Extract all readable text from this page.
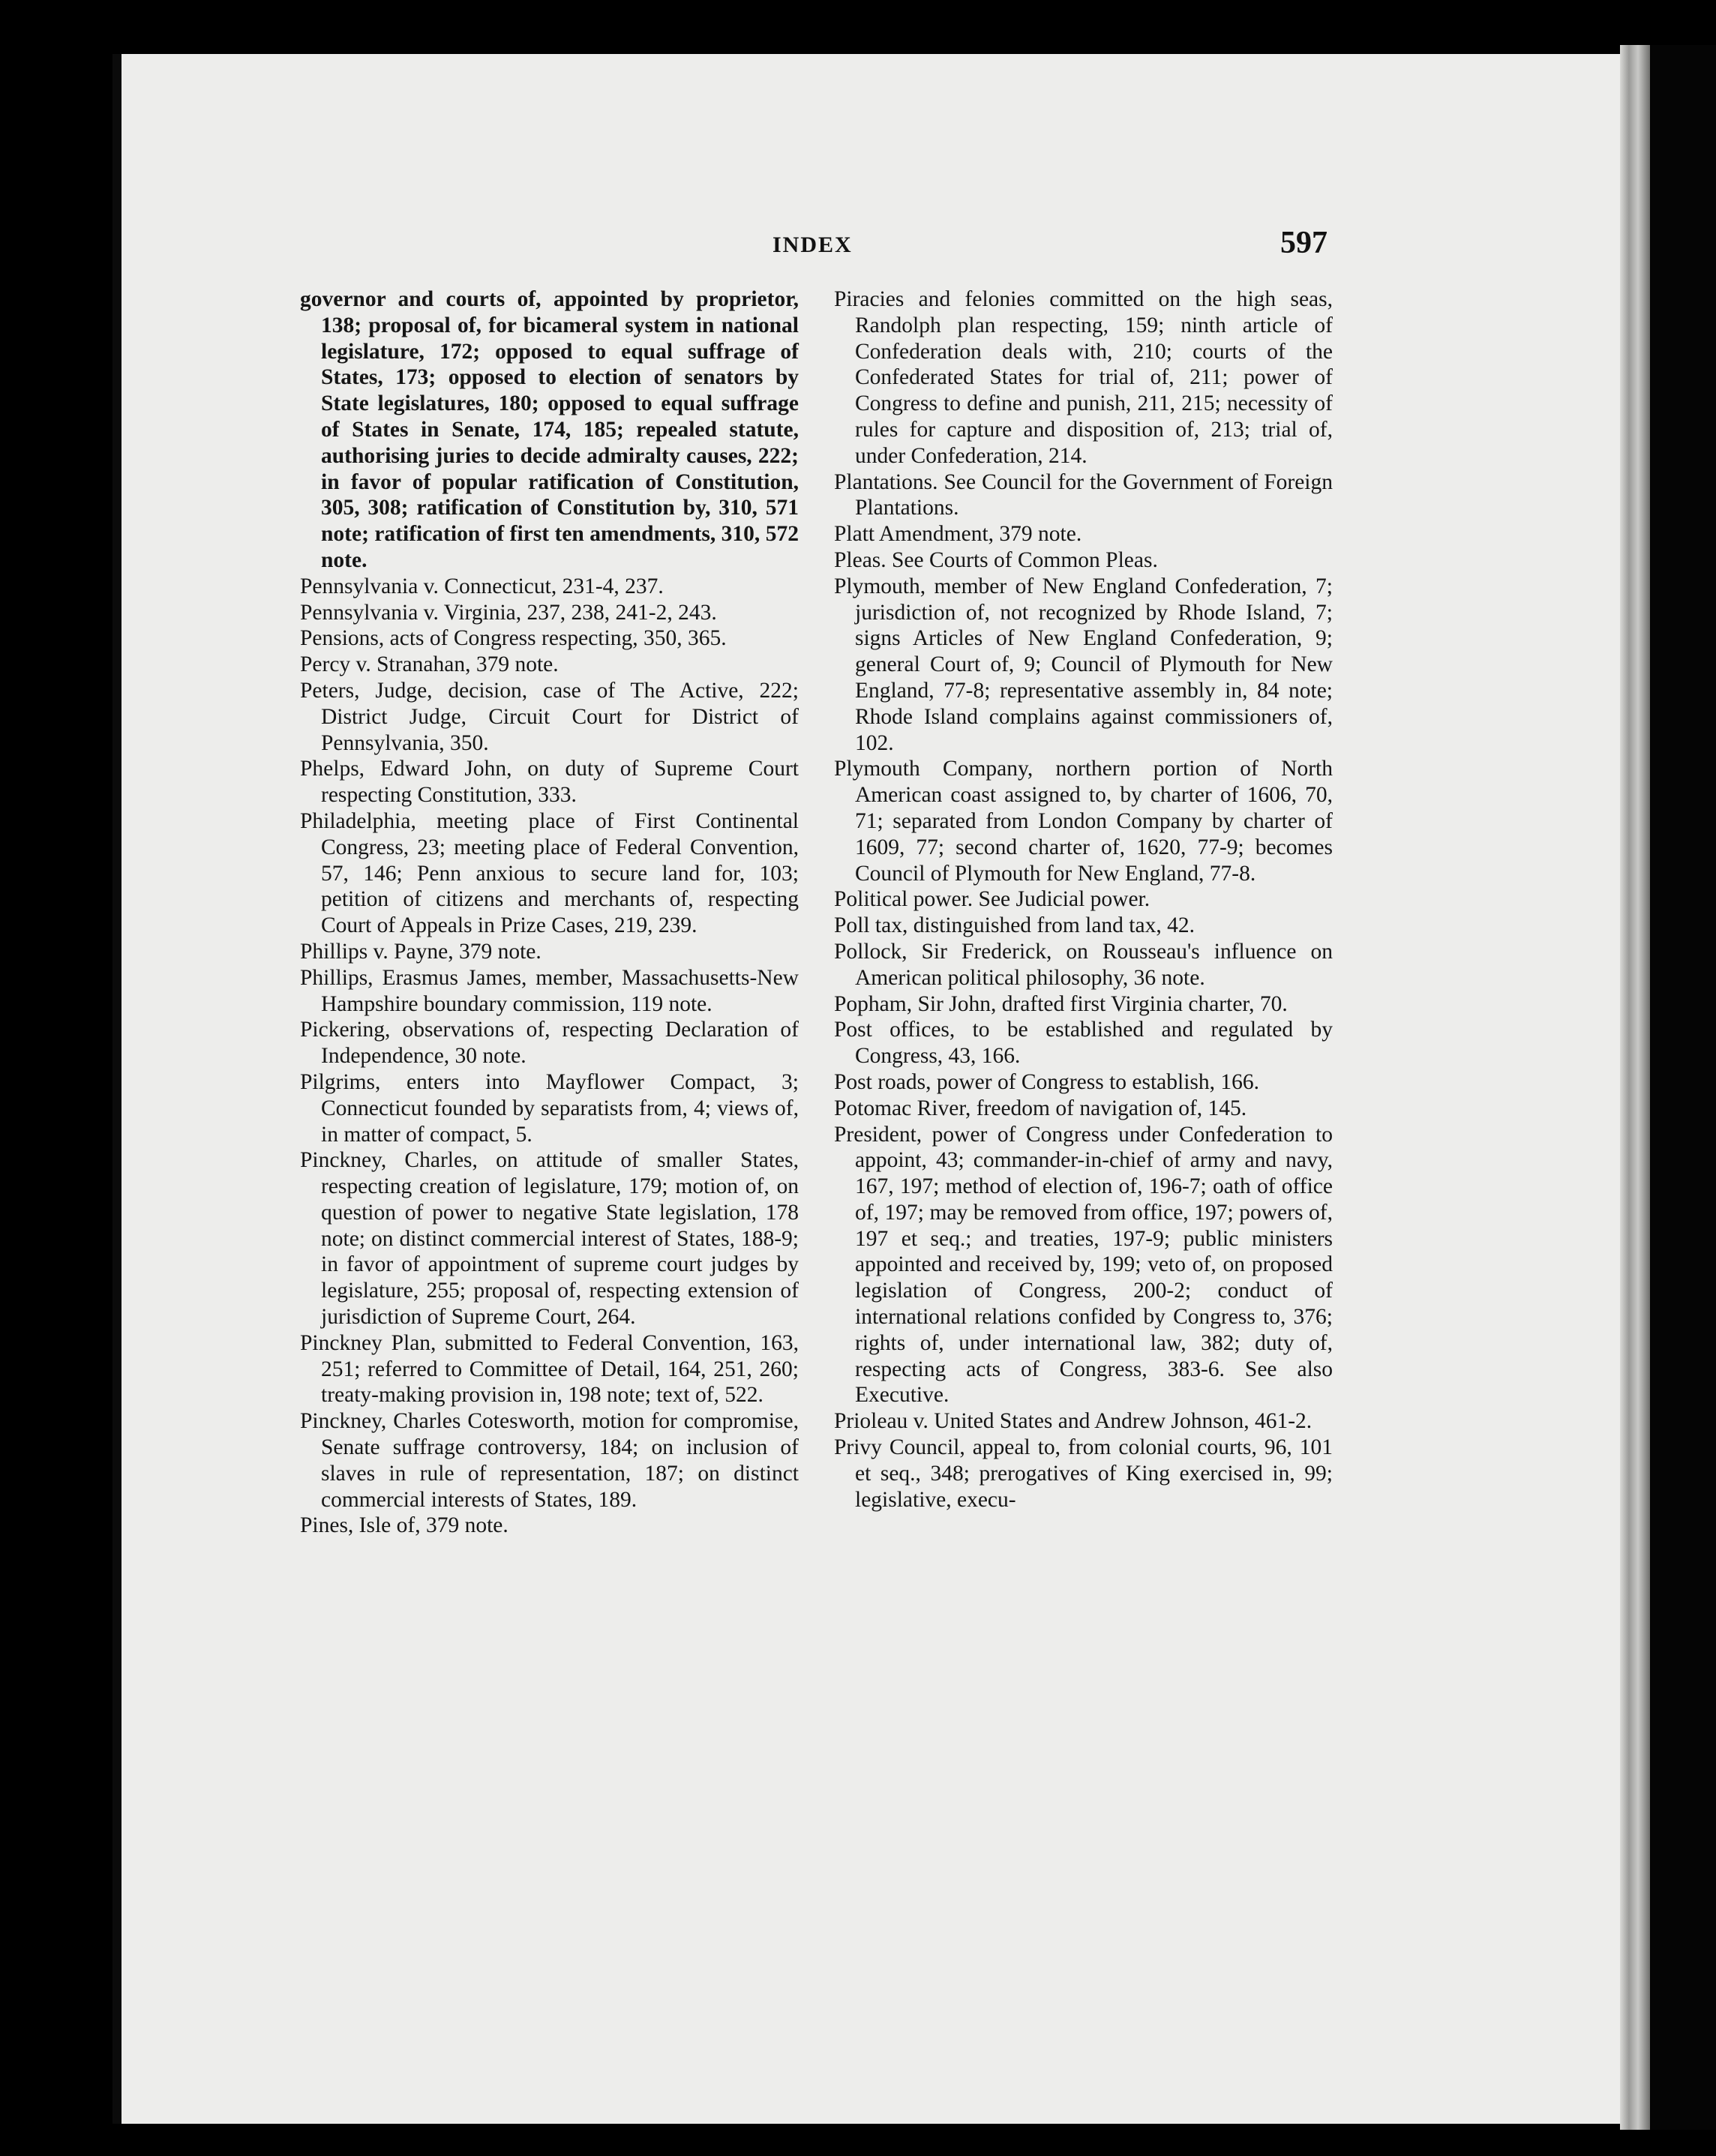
INDEX	597

governor and courts of, appointed by proprietor, 138; proposal of, for bicameral system in national legislature, 172; opposed to equal suffrage of States, 173; opposed to election of senators by State legislatures, 180; opposed to equal suffrage of States in Senate, 174, 185; repealed statute, authorising juries to decide admiralty causes, 222; in favor of popular ratification of Constitution, 305, 308; ratification of Constitution by, 310, 571 note; ratification of first ten amendments, 310, 572 note.

Pennsylvania v. Connecticut, 231-4, 237.

Pennsylvania v. Virginia, 237, 238, 241-2, 243.

Pensions, acts of Congress respecting, 350, 365.

Percy v. Stranahan, 379 note.

Peters, Judge, decision, case of The Active, 222; District Judge, Circuit Court for District of Pennsylvania, 350.

Phelps, Edward John, on duty of Supreme Court respecting Constitution, 333.

Philadelphia, meeting place of First Continental Congress, 23; meeting place of Federal Convention, 57, 146; Penn anxious to secure land for, 103; petition of citizens and merchants of, respecting Court of Appeals in Prize Cases, 219, 239.

Phillips v. Payne, 379 note.

Phillips, Erasmus James, member, Massachusetts-New Hampshire boundary commission, 119 note.

Pickering, observations of, respecting Declaration of Independence, 30 note.

Pilgrims, enters into Mayflower Compact, 3; Connecticut founded by separatists from, 4; views of, in matter of compact, 5.

Pinckney, Charles, on attitude of smaller States, respecting creation of legislature, 179; motion of, on question of power to negative State legislation, 178 note; on distinct commercial interest of States, 188-9; in favor of appointment of supreme court judges by legislature, 255; proposal of, respecting extension of jurisdiction of Supreme Court, 264.

Pinckney Plan, submitted to Federal Convention, 163, 251; referred to Committee of Detail, 164, 251, 260; treaty-making provision in, 198 note; text of, 522.

Pinckney, Charles Cotesworth, motion for compromise, Senate suffrage controversy, 184; on inclusion of slaves in rule of representation, 187; on distinct commercial interests of States, 189.

Pines, Isle of, 379 note.

Piracies and felonies committed on the high seas, Randolph plan respecting, 159; ninth article of Confederation deals with, 210; courts of the Confederated States for trial of, 211; power of Congress to define and punish, 211, 215; necessity of rules for capture and disposition of, 213; trial of, under Confederation, 214.

Plantations. See Council for the Government of Foreign Plantations.

Platt Amendment, 379 note.

Pleas. See Courts of Common Pleas.

Plymouth, member of New England Confederation, 7; jurisdiction of, not recognized by Rhode Island, 7; signs Articles of New England Confederation, 9; general Court of, 9; Council of Plymouth for New England, 77-8; representative assembly in, 84 note; Rhode Island complains against commissioners of, 102.

Plymouth Company, northern portion of North American coast assigned to, by charter of 1606, 70, 71; separated from London Company by charter of 1609, 77; second charter of, 1620, 77-9; becomes Council of Plymouth for New England, 77-8.

Political power. See Judicial power.

Poll tax, distinguished from land tax, 42.

Pollock, Sir Frederick, on Rousseau's influence on American political philosophy, 36 note.

Popham, Sir John, drafted first Virginia charter, 70.

Post offices, to be established and regulated by Congress, 43, 166.

Post roads, power of Congress to establish, 166.

Potomac River, freedom of navigation of, 145.

President, power of Congress under Confederation to appoint, 43; commander-in-chief of army and navy, 167, 197; method of election of, 196-7; oath of office of, 197; may be removed from office, 197; powers of, 197 et seq.; and treaties, 197-9; public ministers appointed and received by, 199; veto of, on proposed legislation of Congress, 200-2; conduct of international relations confided by Congress to, 376; rights of, under international law, 382; duty of, respecting acts of Congress, 383-6. See also Executive.

Prioleau v. United States and Andrew Johnson, 461-2.

Privy Council, appeal to, from colonial courts, 96, 101 et seq., 348; prerogatives of King exercised in, 99; legislative, execu-
